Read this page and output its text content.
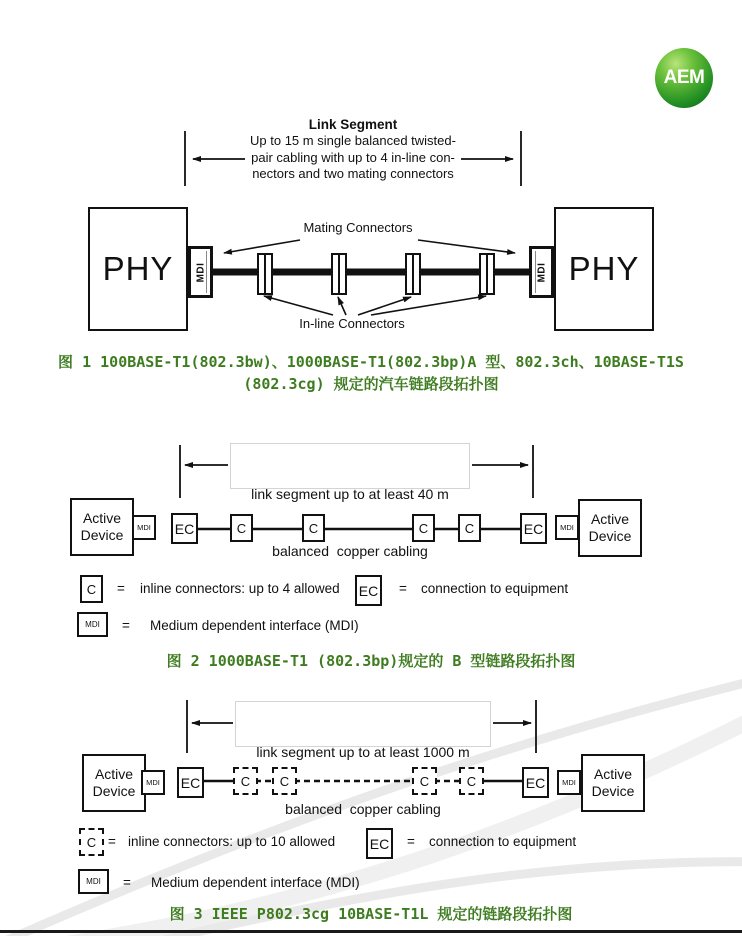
AEM
Link Segment
Up to 15 m single balanced twisted-
pair cabling with up to 4 in-line con-
nectors and two mating connectors
PHY MDI	MDI PHY
Mating Connectors
In-line Connectors
图 1 100BASE-T1(802.3bw)、1000BASE-T1(802.3bp)A 型、802.3ch、10BASE-T1S
(802.3cg) 规定的汽车链路段拓扑图

link segment up to at least 40 m

balanced  copper cabling

Active Device	MDI EC	C	C	C	C	EC MDI
Active Device
C = inline connectors: up to 4 allowed EC = connection to equipment
MDI = Medium dependent interface (MDI)
图 2 1000BASE-T1 (802.3bp)规定的 B 型链路段拓扑图

link segment up to at least 1000 m

balanced  copper cabling

Active Device
MDI EC	C C	C	C	EC MDI
Active Device
C = inline connectors: up to 10 allowed EC = connection to equipment
MDI = Medium dependent interface (MDI)
图 3 IEEE P802.3cg 10BASE-T1L 规定的链路段拓扑图
